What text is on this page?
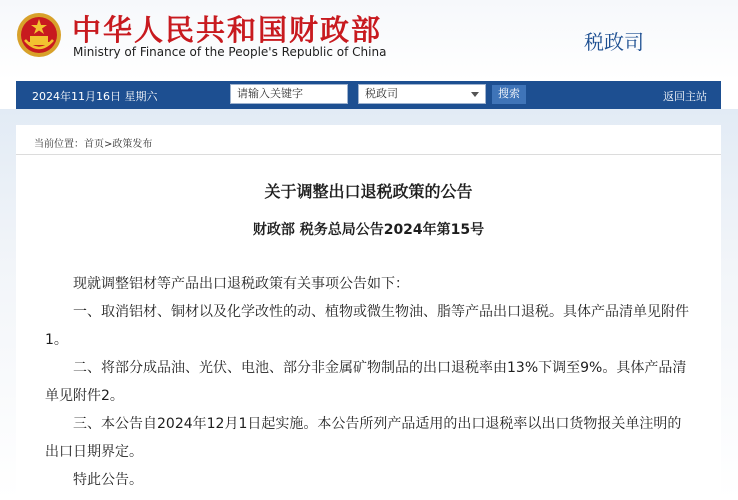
中华人民共和国财政部
Ministry of Finance of the People's Republic of China	税政司
2024年11月16日 星期六	请输入关键字	税政司	搜索	返回主站
当前位置：首页>政策发布
关于调整出口退税政策的公告
财政部 税务总局公告2024年第15号

现就调整铝材等产品出口退税政策有关事项公告如下：

一、取消铝材、铜材以及化学改性的动、植物或微生物油、脂等产品出口退税。具体产品清单见附件1。

二、将部分成品油、光伏、电池、部分非金属矿物制品的出口退税率由13%下调至9%。具体产品清单见附件2。

三、本公告自2024年12月1日起实施。本公告所列产品适用的出口退税率以出口货物报关单注明的出口日期界定。

特此公告。
